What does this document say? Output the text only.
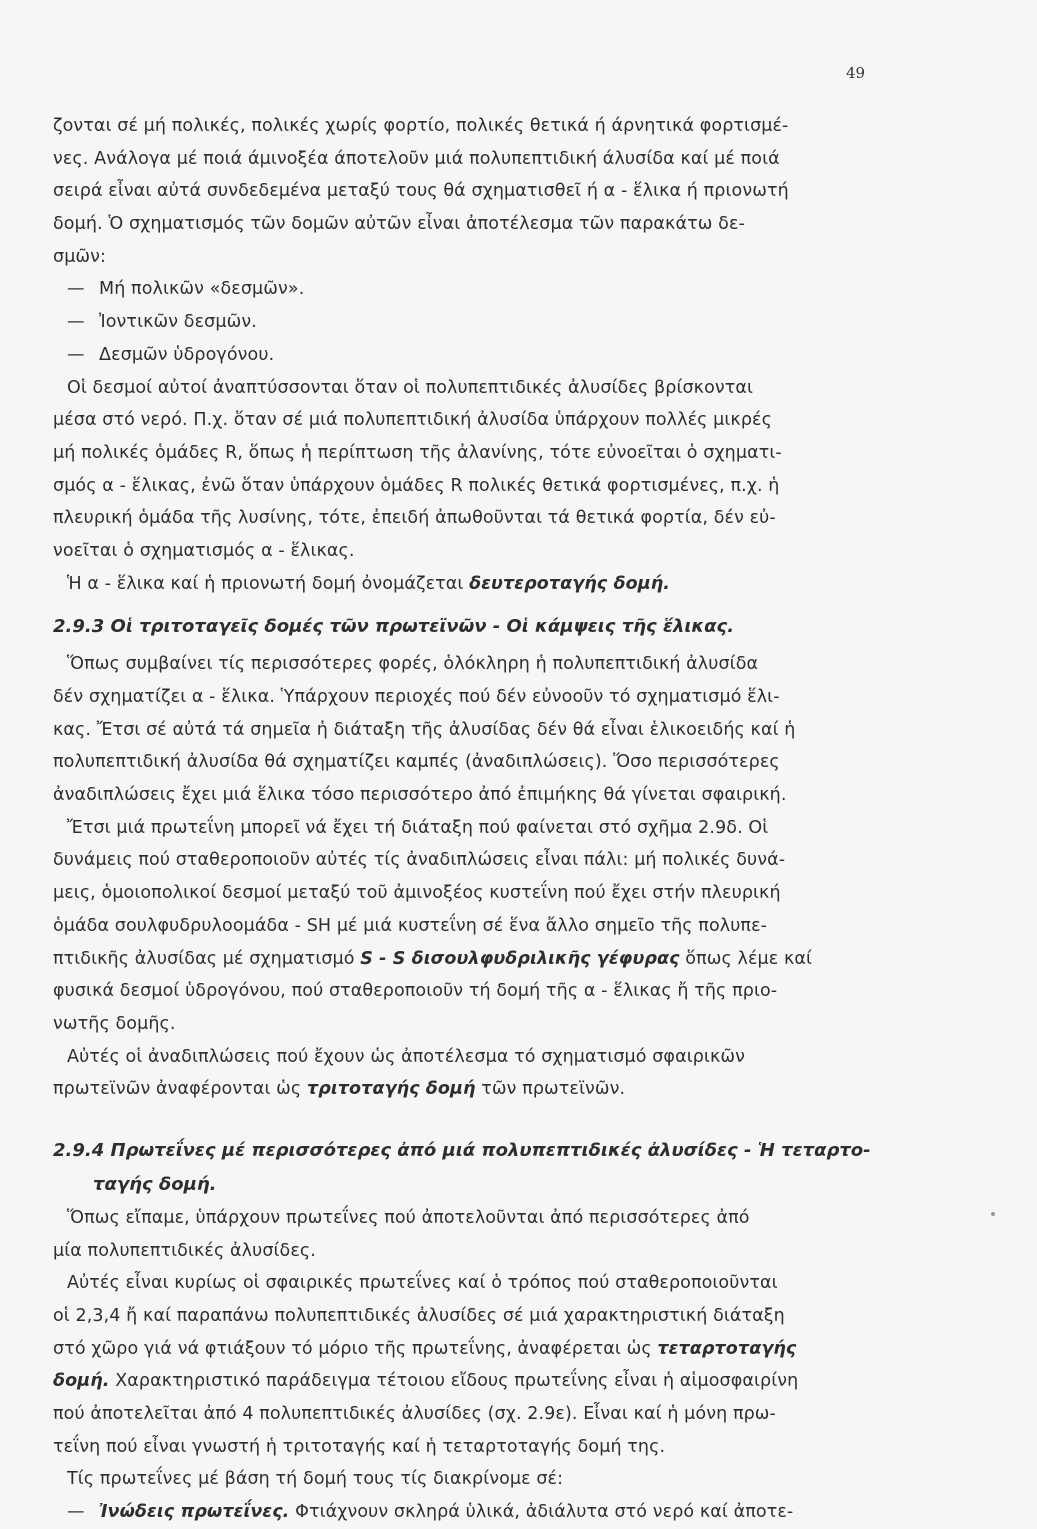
49
ζονται σέ μή πολικές, πολικές χωρίς φορτίο, πολικές θετικά ή άρνητικά φορτισμέ-
νες. Ανάλογα μέ ποιά άμινοξέα άποτελοῦν μιά πολυπεπτιδική άλυσίδα καί μέ ποιά
σειρά εἶναι αὐτά συνδεδεμένα μεταξύ τους θά σχηματισθεῖ ή α - ἕλικα ή πριονωτή
δομή. Ὁ σχηματισμός τῶν δομῶν αὐτῶν εἶναι ἀποτέλεσμα τῶν παρακάτω δε-
σμῶν:
— Μή πολικῶν «δεσμῶν».
— Ἰοντικῶν δεσμῶν.
— Δεσμῶν ὑδρογόνου.
Οἱ δεσμοί αὐτοί ἀναπτύσσονται ὅταν οἱ πολυπεπτιδικές ἀλυσίδες βρίσκονται
μέσα στό νερό. Π.χ. ὅταν σέ μιά πολυπεπτιδική ἀλυσίδα ὑπάρχουν πολλές μικρές
μή πολικές ὁμάδες R, ὅπως ἡ περίπτωση τῆς ἀλανίνης, τότε εὐνοεῖται ὁ σχηματι-
σμός α - ἕλικας, ἐνῶ ὅταν ὑπάρχουν ὁμάδες R πολικές θετικά φορτισμένες, π.χ. ἡ
πλευρική ὁμάδα τῆς λυσίνης, τότε, ἐπειδή ἀπωθοῦνται τά θετικά φορτία, δέν εὐ-
νοεῖται ὁ σχηματισμός α - ἕλικας.
Ἡ α - ἕλικα καί ἡ πριονωτή δομή ὀνομάζεται δευτεροταγής δομή.
2.9.3 Οἱ τριτοταγεῖς δομές τῶν πρωτεϊνῶν - Οἱ κάμψεις τῆς ἕλικας.
Ὅπως συμβαίνει τίς περισσότερες φορές, ὁλόκληρη ἡ πολυπεπτιδική ἀλυσίδα
δέν σχηματίζει α - ἕλικα. Ὑπάρχουν περιοχές πού δέν εὐνοοῦν τό σχηματισμό ἕλι-
κας. Ἔτσι σέ αὐτά τά σημεῖα ἡ διάταξη τῆς ἀλυσίδας δέν θά εἶναι ἑλικοειδής καί ἡ
πολυπεπτιδική ἀλυσίδα θά σχηματίζει καμπές (ἀναδιπλώσεις). Ὅσο περισσότερες
ἀναδιπλώσεις ἔχει μιά ἕλικα τόσο περισσότερο ἀπό ἐπιμήκης θά γίνεται σφαιρική.
Ἔτσι μιά πρωτεΐνη μπορεῖ νά ἔχει τή διάταξη πού φαίνεται στό σχῆμα 2.9δ. Οἱ
δυνάμεις πού σταθεροποιοῦν αὐτές τίς ἀναδιπλώσεις εἶναι πάλι: μή πολικές δυνά-
μεις, ὁμοιοπολικοί δεσμοί μεταξύ τοῦ ἀμινοξέος κυστεΐνη πού ἔχει στήν πλευρική
ὁμάδα σουλφυδρυλοομάδα - SH μέ μιά κυστεΐνη σέ ἕνα ἄλλο σημεῖο τῆς πολυπε-
πτιδικῆς ἀλυσίδας μέ σχηματισμό S - S δισουλφυδριλικῆς γέφυρας ὅπως λέμε καί
φυσικά δεσμοί ὑδρογόνου, πού σταθεροποιοῦν τή δομή τῆς α - ἕλικας ἤ τῆς πριο-
νωτῆς δομῆς.
Αὐτές οἱ ἀναδιπλώσεις πού ἔχουν ὡς ἀποτέλεσμα τό σχηματισμό σφαιρικῶν
πρωτεϊνῶν ἀναφέρονται ὡς τριτοταγής δομή τῶν πρωτεϊνῶν.
2.9.4 Πρωτεΐνες μέ περισσότερες ἀπό μιά πολυπεπτιδικές ἀλυσίδες - Ἡ τεταρτο-
ταγής δομή.
Ὅπως εἴπαμε, ὑπάρχουν πρωτεΐνες πού ἀποτελοῦνται ἀπό περισσότερες ἀπό
μία πολυπεπτιδικές ἀλυσίδες.
Αὐτές εἶναι κυρίως οἱ σφαιρικές πρωτεΐνες καί ὁ τρόπος πού σταθεροποιοῦνται
οἱ 2,3,4 ἤ καί παραπάνω πολυπεπτιδικές ἀλυσίδες σέ μιά χαρακτηριστική διάταξη
στό χῶρο γιά νά φτιάξουν τό μόριο τῆς πρωτεΐνης, ἀναφέρεται ὡς τεταρτοταγής
δομή. Χαρακτηριστικό παράδειγμα τέτοιου εἴδους πρωτεΐνης εἶναι ἡ αἱμοσφαιρίνη
πού ἀποτελεῖται ἀπό 4 πολυπεπτιδικές ἀλυσίδες (σχ. 2.9ε). Εἶναι καί ἡ μόνη πρω-
τεΐνη πού εἶναι γνωστή ἡ τριτοταγής καί ἡ τεταρτοταγής δομή της.
Τίς πρωτεΐνες μέ βάση τή δομή τους τίς διακρίνομε σέ:
— Ἰνώδεις πρωτεΐνες. Φτιάχνουν σκληρά ὑλικά, ἀδιάλυτα στό νερό καί ἀποτε-
